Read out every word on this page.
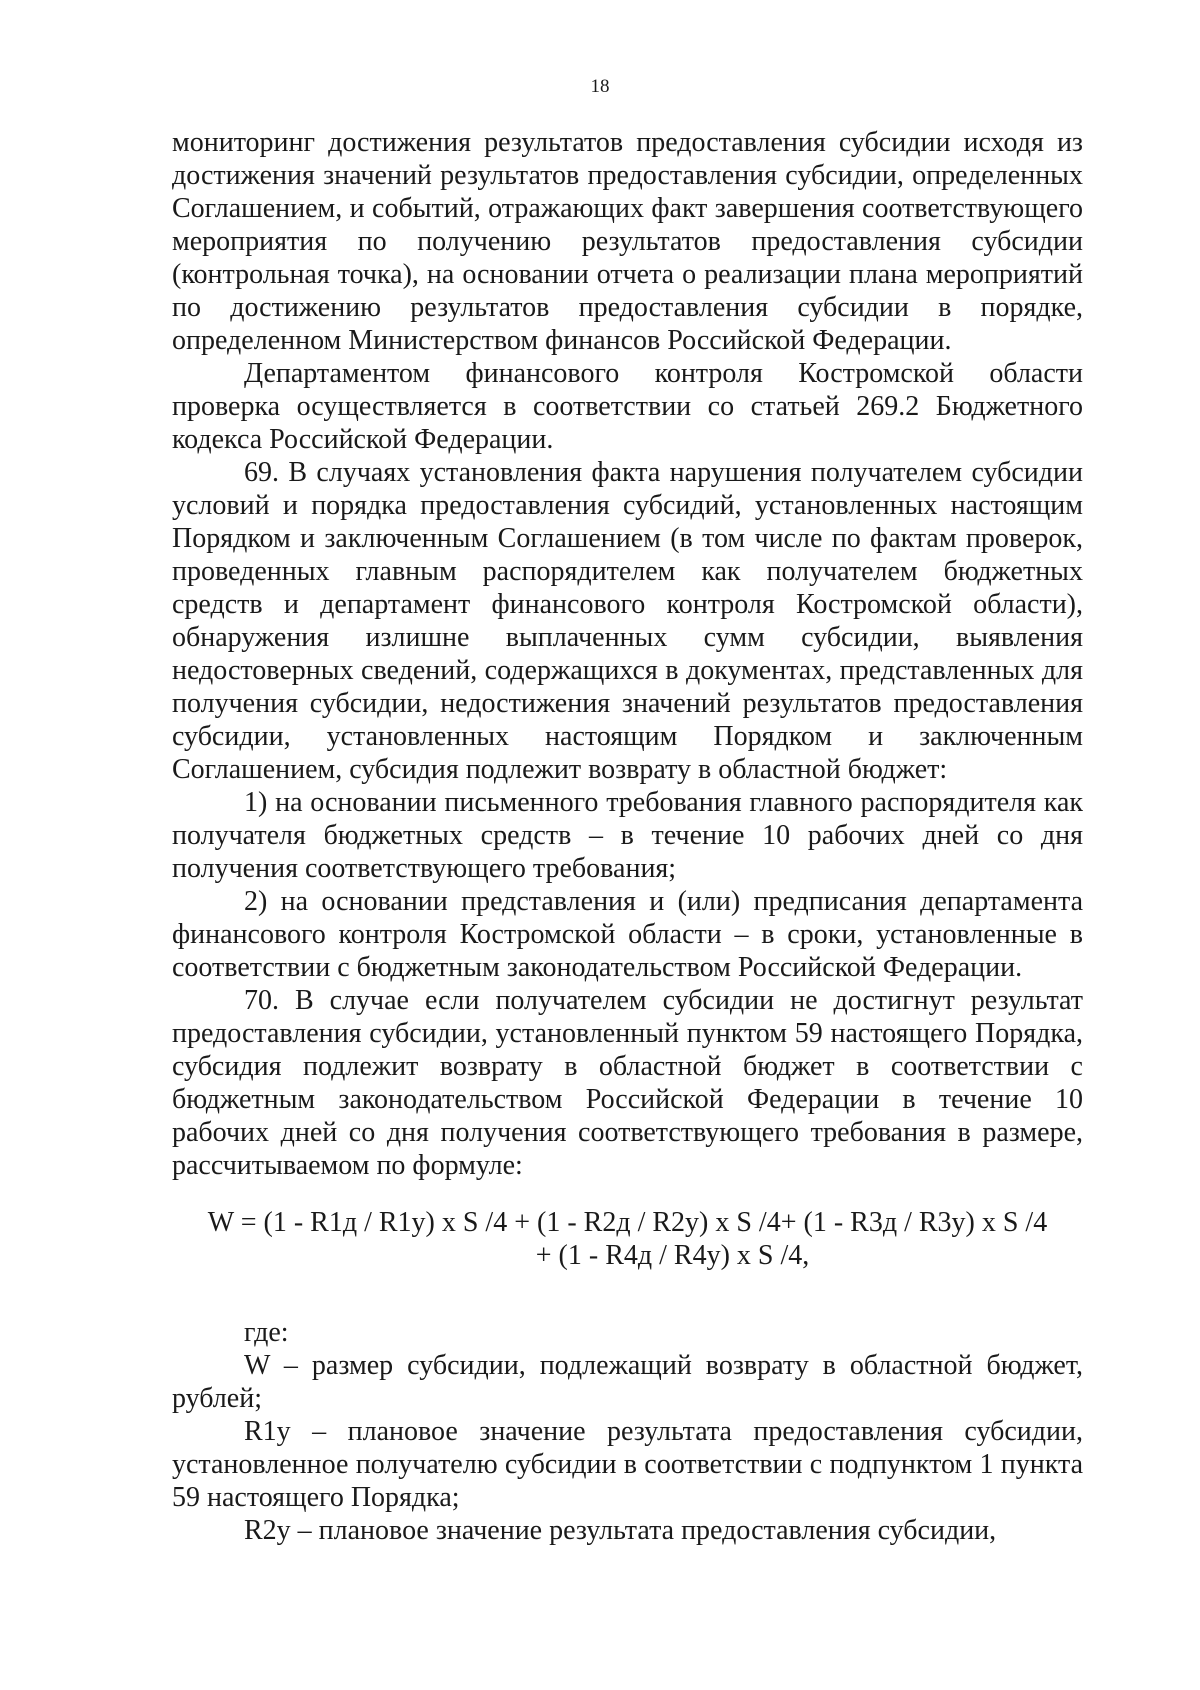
18

мониторинг достижения результатов предоставления субсидии исходя из достижения значений результатов предоставления субсидии, определенных Соглашением, и событий, отражающих факт завершения соответствующего мероприятия по получению результатов предоставления субсидии (контрольная точка), на основании отчета о реализации плана мероприятий по достижению результатов предоставления субсидии в порядке, определенном Министерством финансов Российской Федерации.

Департаментом финансового контроля Костромской области проверка осуществляется в соответствии со статьей 269.2 Бюджетного кодекса Российской Федерации.

69. В случаях установления факта нарушения получателем субсидии условий и порядка предоставления субсидий, установленных настоящим Порядком и заключенным Соглашением (в том числе по фактам проверок, проведенных главным распорядителем как получателем бюджетных средств и департамент финансового контроля Костромской области), обнаружения излишне выплаченных сумм субсидии, выявления недостоверных сведений, содержащихся в документах, представленных для получения субсидии, недостижения значений результатов предоставления субсидии, установленных настоящим Порядком и заключенным Соглашением, субсидия подлежит возврату в областной бюджет:

1) на основании письменного требования главного распорядителя как получателя бюджетных средств – в течение 10 рабочих дней со дня получения соответствующего требования;

2) на основании представления и (или) предписания департамента финансового контроля Костромской области – в сроки, установленные в соответствии с бюджетным законодательством Российской Федерации.

70. В случае если получателем субсидии не достигнут результат предоставления субсидии, установленный пунктом 59 настоящего Порядка, субсидия подлежит возврату в областной бюджет в соответствии с бюджетным законодательством Российской Федерации в течение 10 рабочих дней со дня получения соответствующего требования в размере, рассчитываемом по формуле:

W = (1 - R1д / R1у) x S /4 + (1 - R2д / R2у) x S /4+ (1 - R3д / R3у) x S /4
+ (1 - R4д / R4у) x S /4,

где:

W – размер субсидии, подлежащий возврату в областной бюджет, рублей;

R1у – плановое значение результата предоставления субсидии, установленное получателю субсидии в соответствии с подпунктом 1 пункта 59 настоящего Порядка;

R2у – плановое значение результата предоставления субсидии,
